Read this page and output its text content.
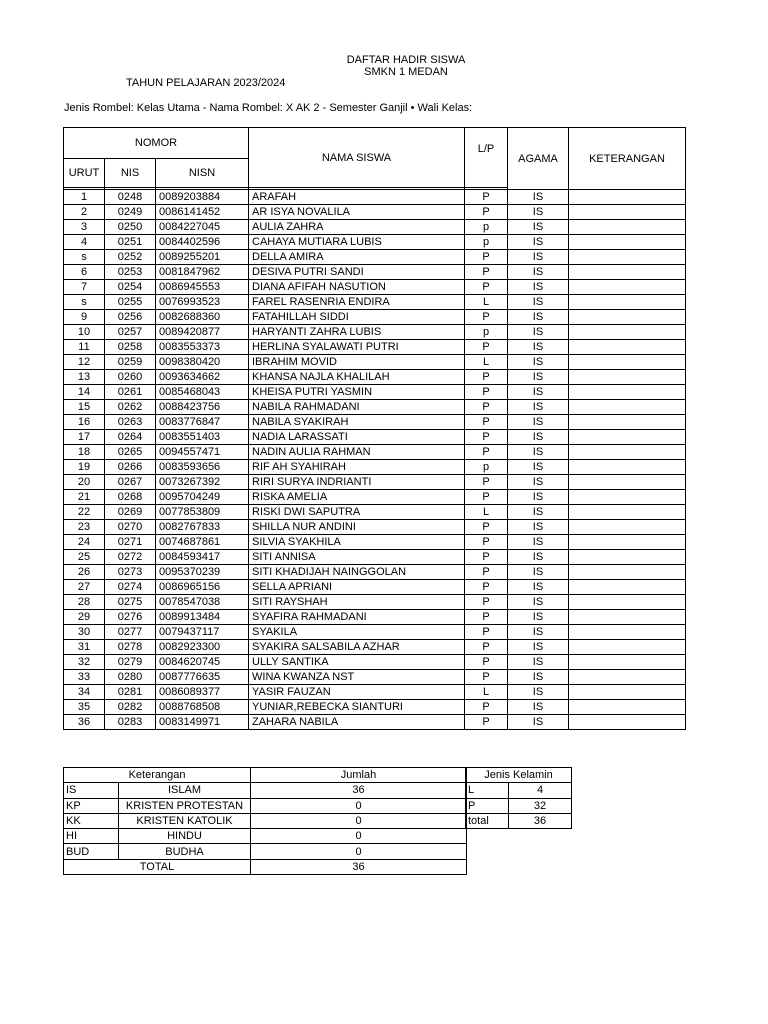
DAFTAR HADIR SISWA
SMKN 1 MEDAN
TAHUN PELAJARAN 2023/2024
Jenis Rombel: Kelas Utama - Nama Rombel: X AK 2 - Semester Ganjil • Wali Kelas:
NOMOR			NAMA SISWA	L/P	AGAMA	KETERANGAN
URUT	NIS	NISN				

1	0248	0089203884	ARAFAH	P	IS	
2	0249	0086141452	AR ISYA NOVALILA	P	IS	
3	0250	0084227045	AULIA ZAHRA	p	IS	
4	0251	0084402596	CAHAYA MUTIARA LUBIS	p	IS	
s	0252	0089255201	DELLA AMIRA	P	IS	
6	0253	0081847962	DESIVA PUTRI SANDI	P	IS	
7	0254	0086945553	DIANA AFIFAH NASUTION	P	IS	
s	0255	0076993523	FAREL RASENRIA ENDIRA	L	IS	
9	0256	0082688360	FATAHILLAH SIDDI	P	IS	
10	0257	0089420877	HARYANTI ZAHRA LUBIS	p	IS	
11	0258	0083553373	HERLINA SYALAWATI PUTRI	P	IS	
12	0259	0098380420	IBRAHIM MOVID	L	IS	
13	0260	0093634662	KHANSA NAJLA KHALILAH	P	IS	
14	0261	0085468043	KHEISA PUTRI YASMIN	P	IS	
15	0262	0088423756	NABILA RAHMADANI	P	IS	
16	0263	0083776847	NABILA SYAKIRAH	P	IS	
17	0264	0083551403	NADIA LARASSATI	P	IS	
18	0265	0094557471	NADIN AULIA RAHMAN	P	IS	
19	0266	0083593656	RIF AH SYAHIRAH	p	IS	
20	0267	0073267392	RIRI SURYA INDRIANTI	P	IS	
21	0268	0095704249	RISKA AMELIA	P	IS	
22	0269	0077853809	RISKI DWI SAPUTRA	L	IS	
23	0270	0082767833	SHILLA NUR ANDINI	P	IS	
24	0271	0074687861	SILVIA SYAKHILA	P	IS	
25	0272	0084593417	SITI ANNISA	P	IS	
26	0273	0095370239	SITI KHADIJAH NAINGGOLAN	P	IS	
27	0274	0086965156	SELLA APRIANI	P	IS	
28	0275	0078547038	SITI RAYSHAH	P	IS	
29	0276	0089913484	SYAFIRA RAHMADANI	P	IS	
30	0277	0079437117	SYAKILA	P	IS	
31	0278	0082923300	SYAKIRA SALSABILA AZHAR	P	IS	
32	0279	0084620745	ULLY SANTIKA	P	IS	
33	0280	0087776635	WINA KWANZA NST	P	IS	
34	0281	0086089377	YASIR FAUZAN	L	IS	
35	0282	0088768508	YUNIAR,REBECKA SIANTURI	P	IS	
36	0283	0083149971	ZAHARA NABILA	P	IS	
Keterangan		Jumlah
IS	ISLAM	36
KP	KRISTEN PROTESTAN	0
KK	KRISTEN KATOLIK	0
HI	HINDU	0
BUD	BUDHA	0
TOTAL		36
Jenis Kelamin	
L	4
P	32
total	36
